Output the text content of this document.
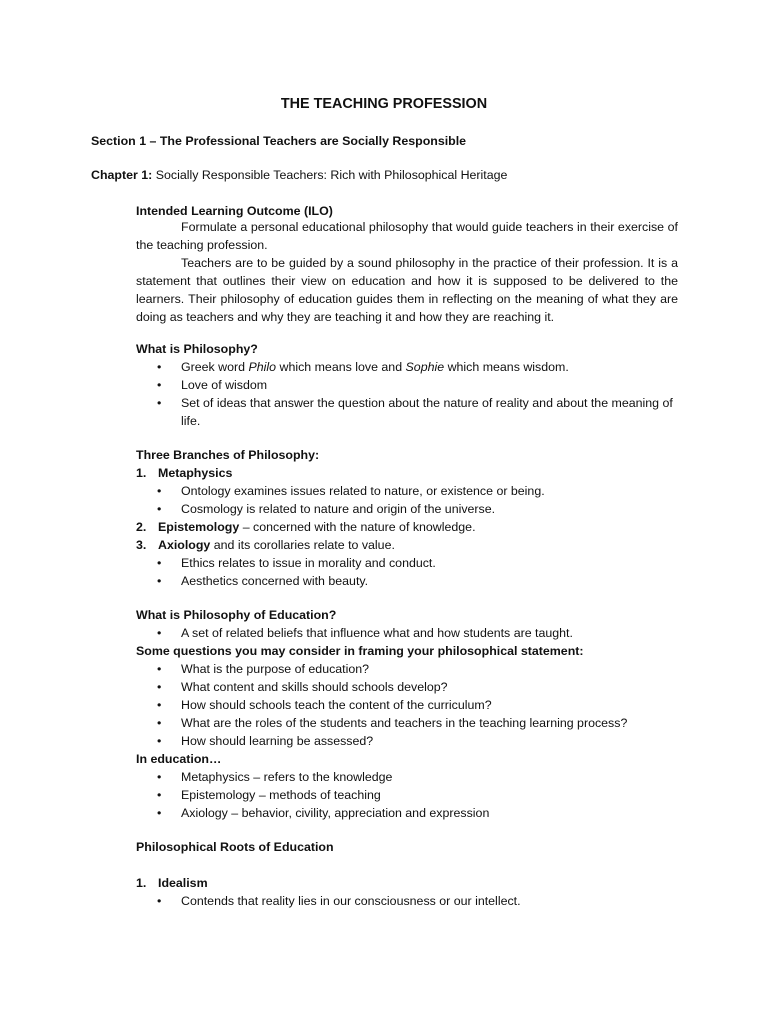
THE TEACHING PROFESSION
Section 1 – The Professional Teachers are Socially Responsible
Chapter 1: Socially Responsible Teachers: Rich with Philosophical Heritage
Intended Learning Outcome (ILO)

Formulate a personal educational philosophy that would guide teachers in their exercise of the teaching profession.

Teachers are to be guided by a sound philosophy in the practice of their profession. It is a statement that outlines their view on education and how it is supposed to be delivered to the learners. Their philosophy of education guides them in reflecting on the meaning of what they are doing as teachers and why they are teaching it and how they are reaching it.

What is Philosophy?
• Greek word Philo which means love and Sophie which means wisdom.
• Love of wisdom
• Set of ideas that answer the question about the nature of reality and about the meaning of life.
Three Branches of Philosophy:
1. Metaphysics
• Ontology examines issues related to nature, or existence or being.
• Cosmology is related to nature and origin of the universe.
2. Epistemology – concerned with the nature of knowledge.
3. Axiology and its corollaries relate to value.
• Ethics relates to issue in morality and conduct.
• Aesthetics concerned with beauty.
What is Philosophy of Education?
• A set of related beliefs that influence what and how students are taught.
Some questions you may consider in framing your philosophical statement:
• What is the purpose of education?
• What content and skills should schools develop?
• How should schools teach the content of the curriculum?
• What are the roles of the students and teachers in the teaching learning process?
• How should learning be assessed?
In education…
• Metaphysics – refers to the knowledge
• Epistemology – methods of teaching
• Axiology – behavior, civility, appreciation and expression
Philosophical Roots of Education
1. Idealism
• Contends that reality lies in our consciousness or our intellect.
